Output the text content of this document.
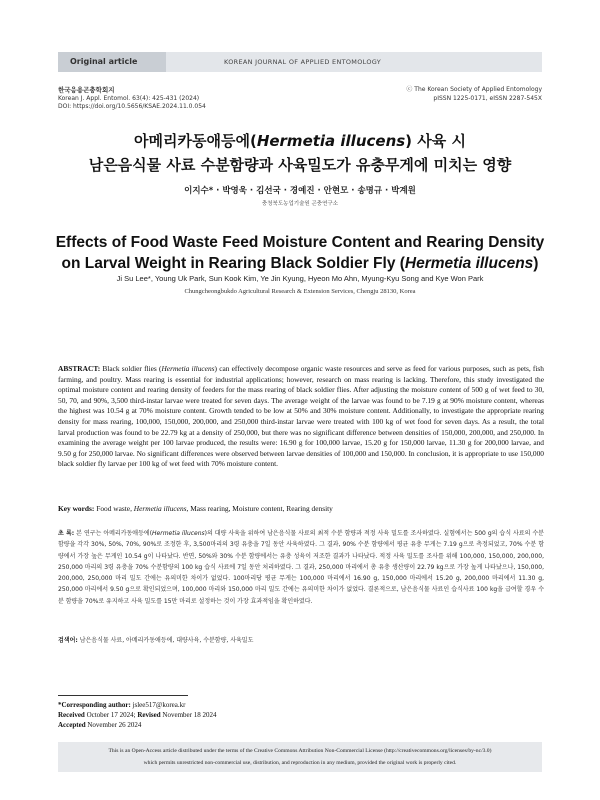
Original article	KOREAN JOURNAL OF APPLIED ENTOMOLOGY
한국응용곤충학회지
Korean J. Appl. Entomol. 63(4): 425-431 (2024)
DOI: https://doi.org/10.5656/KSAE.2024.11.0.054
ⓒ The Korean Society of Applied Entomology
pISSN 1225-0171, eISSN 2287-545X
아메리카동애등에(Hermetia illucens) 사육 시
남은음식물 사료 수분함량과 사육밀도가 유충무게에 미치는 영향
이지수* · 박영욱 · 김선국 · 경예진 · 안현모 · 송명규 · 박계원
충청북도농업기술원 곤충연구소
Effects of Food Waste Feed Moisture Content and Rearing Density
on Larval Weight in Rearing Black Soldier Fly (Hermetia illucens)
Ji Su Lee*, Young Uk Park, Sun Kook Kim, Ye Jin Kyung, Hyeon Mo Ahn, Myung-Kyu Song and Kye Won Park
Chungcheongbukdo Agricultural Research & Extension Services, Chengju 28130, Korea
ABSTRACT: Black soldier flies (Hermetia illucens) can effectively decompose organic waste resources and serve as feed for various purposes, such as pets, fish farming, and poultry. Mass rearing is essential for industrial applications; however, research on mass rearing is lacking. Therefore, this study investigated the optimal moisture content and rearing density of feeders for the mass rearing of black soldier flies. After adjusting the moisture content of 500 g of wet feed to 30, 50, 70, and 90%, 3,500 third-instar larvae were treated for seven days. The average weight of the larvae was found to be 7.19 g at 90% moisture content, whereas the highest was 10.54 g at 70% moisture content. Growth tended to be low at 50% and 30% moisture content. Additionally, to investigate the appropriate rearing density for mass rearing, 100,000, 150,000, 200,000, and 250,000 third-instar larvae were treated with 100 kg of wet food for seven days. As a result, the total larval production was found to be 22.79 kg at a density of 250,000, but there was no significant difference between densities of 150,000, 200,000, and 250,000. In examining the average weight per 100 larvae produced, the results were: 16.90 g for 100,000 larvae, 15.20 g for 150,000 larvae, 11.30 g for 200,000 larvae, and 9.50 g for 250,000 larvae. No significant differences were observed between larvae densities of 100,000 and 150,000. In conclusion, it is appropriate to use 150,000 black soldier fly larvae per 100 kg of wet feed with 70% moisture content.
Key words: Food waste, Hermetia illucens, Mass rearing, Moisture content, Rearing density
초 록: 본 연구는 아메리카동애등에(Hermetia illucens)의 대량 사육을 위하여 남은음식물 사료의 최적 수분 함량과 적정 사육 밀도를 조사하였다. 실험에서는 500 g의 습식 사료의 수분 함량을 각각 30%, 50%, 70%, 90%로 조정한 후, 3,500마리의 3령 유충을 7일 동안 사육하였다. 그 결과, 90% 수분 함량에서 평균 유충 무게는 7.19 g으로 측정되었고, 70% 수분 함량에서 가장 높은 무게인 10.54 g이 나타났다. 반면, 50%와 30% 수분 함량에서는 유충 성육이 저조한 결과가 나타났다. 적정 사육 밀도를 조사를 위해 100,000, 150,000, 200,000, 250,000 마리의 3령 유충을 70% 수분함량의 100 kg 습식 사료에 7일 동안 처리하였다. 그 결과, 250,000 마리에서 총 유충 생산량이 22.79 kg으로 가장 높게 나타났으나, 150,000, 200,000, 250,000 마리 밀도 간에는 유의미한 차이가 없었다. 100마리당 평균 무게는 100,000 마리에서 16.90 g, 150,000 마리에서 15.20 g, 200,000 마리에서 11.30 g, 250,000 마리에서 9.50 g으로 확인되었으며, 100,000 마리와 150,000 마리 밀도 간에는 유의미한 차이가 없었다. 결론적으로, 남은음식물 사료인 습식사료 100 kg을 급여할 경우 수분 함량을 70%로 유지하고 사육 밀도를 15만 마리로 설정하는 것이 가장 효과적임을 확인하였다.
검색어: 남은음식물 사료, 아메리카동애등에, 대량사육, 수분함량, 사육밀도
*Corresponding author: jslee517@korea.kr
Received October 17 2024; Revised November 18 2024
Accepted November 26 2024
This is an Open-Access article distributed under the terms of the Creative Commons Attribution Non-Commercial License (http://creativecommons.org/licenses/by-nc/3.0)
which permits unrestricted non-commercial use, distribution, and reproduction in any medium, provided the original work is properly cited.
